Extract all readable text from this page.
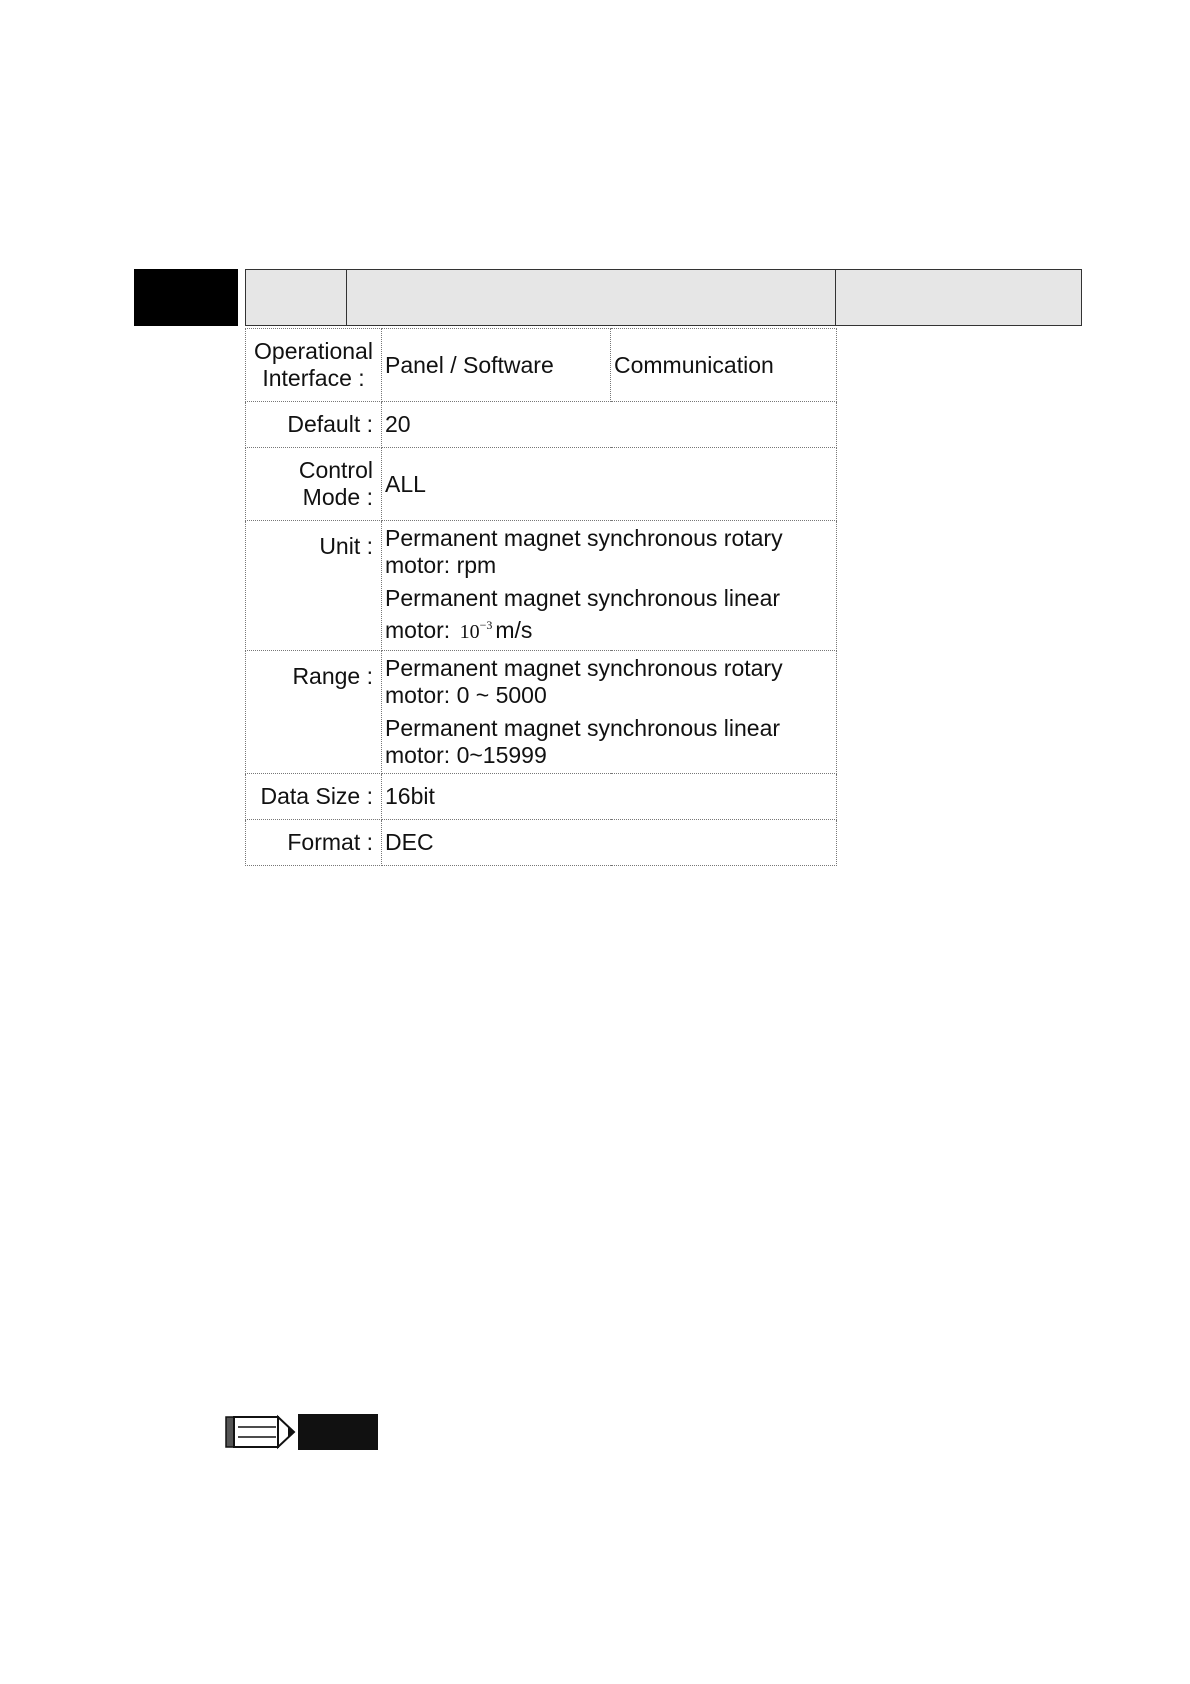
Operational
Interface :	Panel / Software	Communication
Default :	20	

Control
Mode :	ALL	
Unit :	Permanent magnet synchronous rotary motor: rpm
Permanent magnet synchronous linear motor: $10^{-3}$ m/s	

Range :	Permanent magnet synchronous rotary motor: 0 ~ 5000
Permanent magnet synchronous linear motor: 0~15999	

Data Size :	16bit	
Format :	DEC	
